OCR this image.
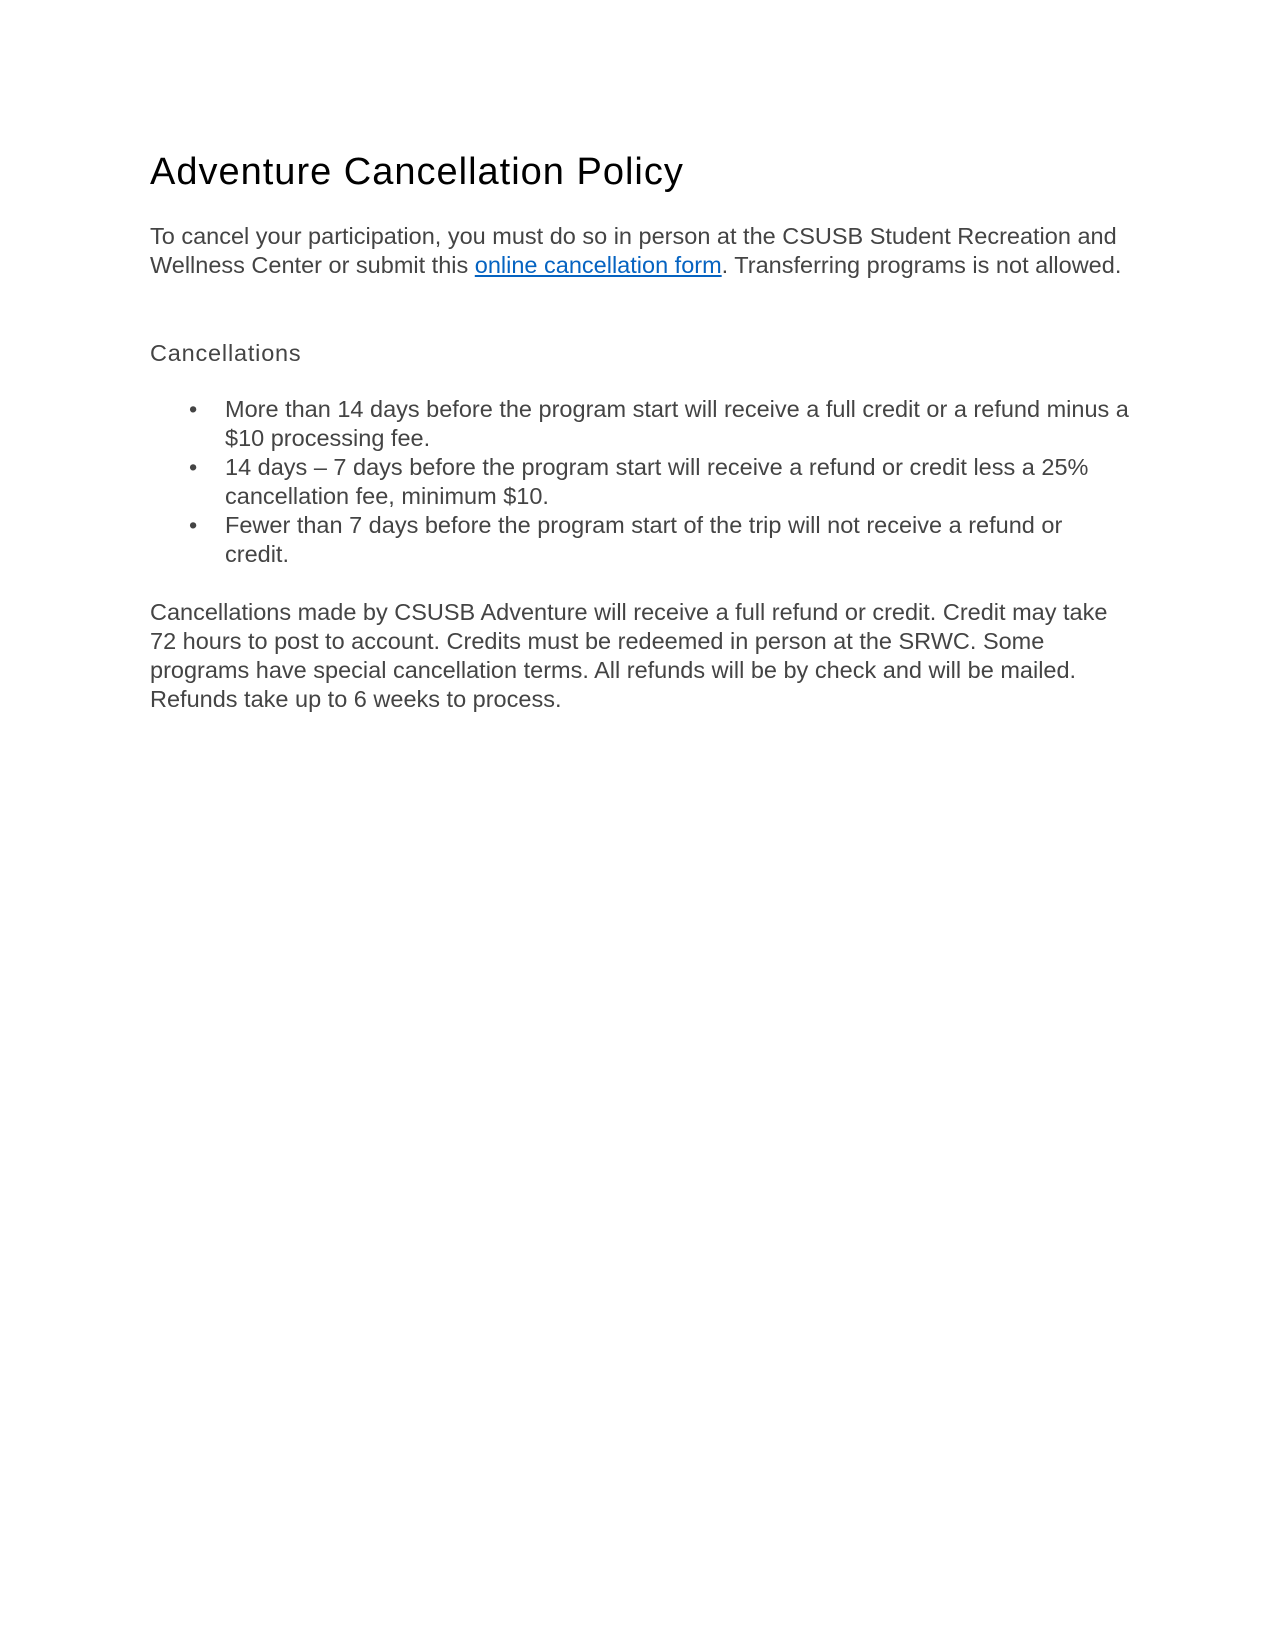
Adventure Cancellation Policy

To cancel your participation, you must do so in person at the CSUSB Student Recreation and Wellness Center or submit this online cancellation form. Transferring programs is not allowed.

Cancellations
• More than 14 days before the program start will receive a full credit or a refund minus a $10 processing fee.
• 14 days – 7 days before the program start will receive a refund or credit less a 25% cancellation fee, minimum $10.
• Fewer than 7 days before the program start of the trip will not receive a refund or credit.

Cancellations made by CSUSB Adventure will receive a full refund or credit. Credit may take 72 hours to post to account. Credits must be redeemed in person at the SRWC. Some programs have special cancellation terms. All refunds will be by check and will be mailed. Refunds take up to 6 weeks to process.
